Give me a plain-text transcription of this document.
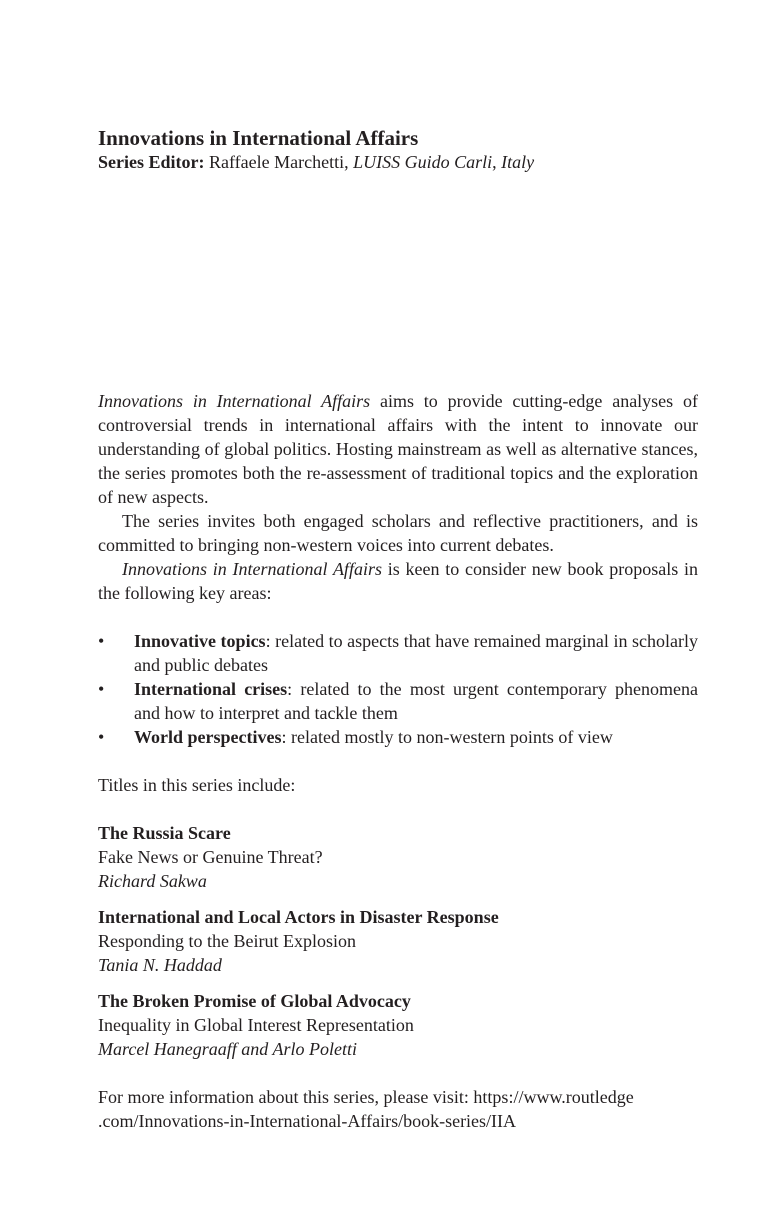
Innovations in International Affairs
Series Editor: Raffaele Marchetti, LUISS Guido Carli, Italy

Innovations in International Affairs aims to provide cutting-edge analyses of controversial trends in international affairs with the intent to innovate our understanding of global politics. Hosting mainstream as well as alternative stances, the series promotes both the re-assessment of traditional topics and the exploration of new aspects.

The series invites both engaged scholars and reflective practitioners, and is committed to bringing non-western voices into current debates.

Innovations in International Affairs is keen to consider new book proposals in the following key areas:

• Innovative topics: related to aspects that have remained marginal in scholarly and public debates
• International crises: related to the most urgent contemporary phenomena and how to interpret and tackle them
• World perspectives: related mostly to non-western points of view
Titles in this series include:
The Russia Scare
Fake News or Genuine Threat?
Richard Sakwa
International and Local Actors in Disaster Response
Responding to the Beirut Explosion
Tania N. Haddad
The Broken Promise of Global Advocacy
Inequality in Global Interest Representation
Marcel Hanegraaff and Arlo Poletti
For more information about this series, please visit: https://www.routledge
.com/Innovations-in-International-Affairs/book-series/IIA
